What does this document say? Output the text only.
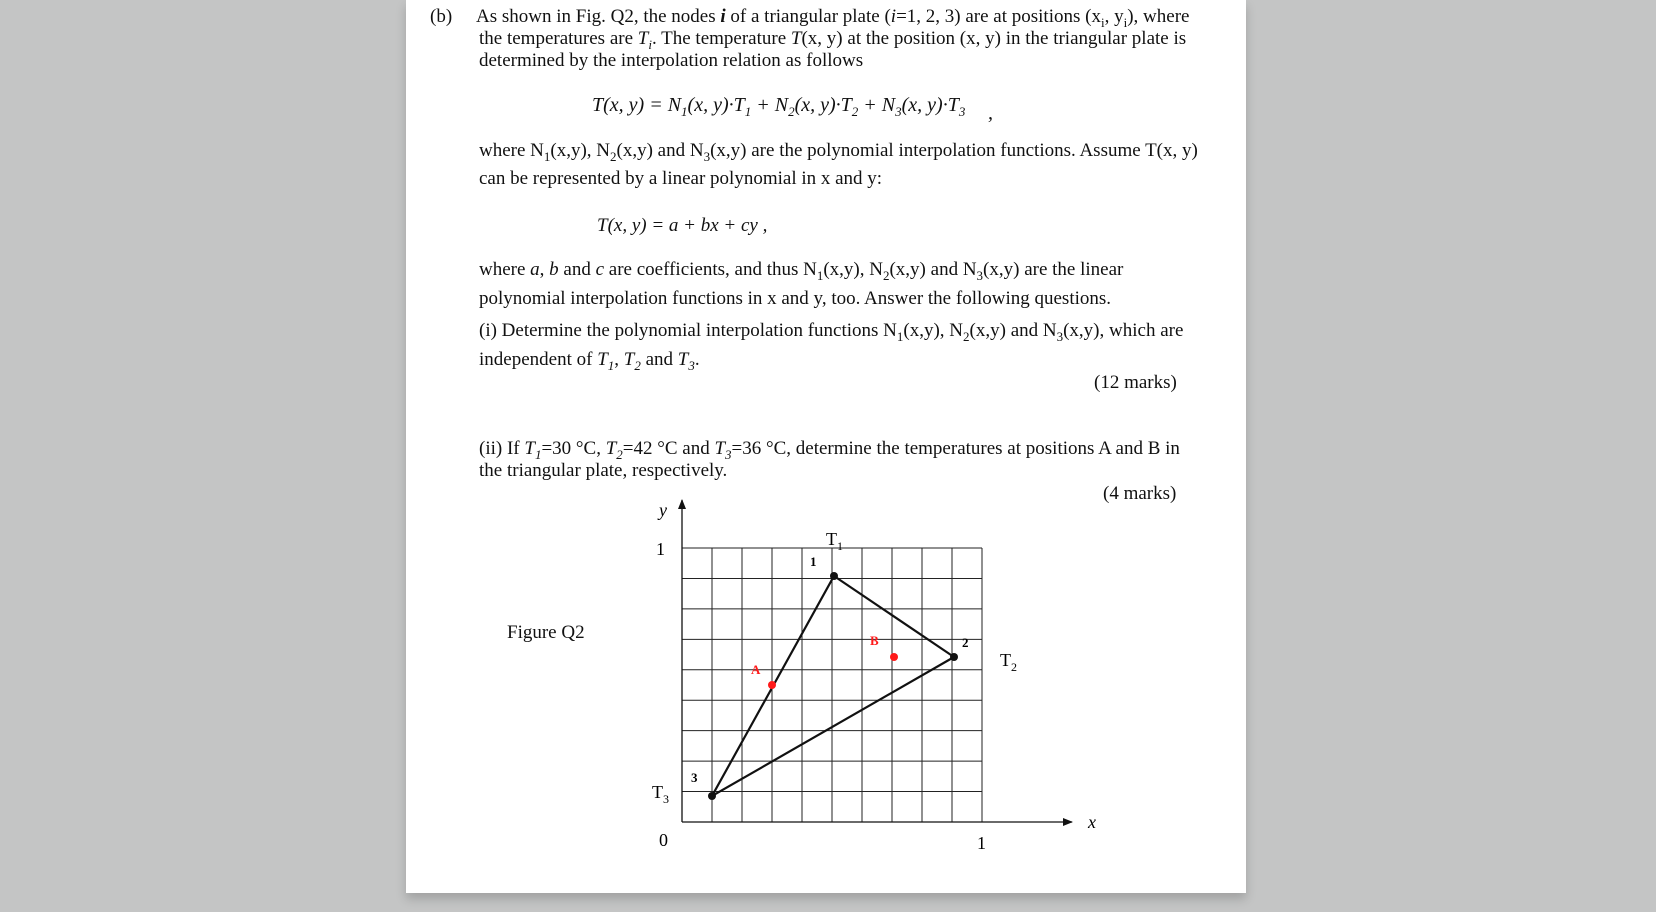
(b) As shown in Fig. Q2, the nodes i of a triangular plate (i=1, 2, 3) are at positions ($x_i$, $y_i$), where
the temperatures are $T_i$. The temperature T(x, y) at the position (x, y) in the triangular plate is
determined by the interpolation relation as follows
T(x, $y) = N_1(x$, $y)\cdot T_1 + N_2(x$, $y)\cdot T_2 + N_3(x$, $y)\cdot T_3$ ,
where $N_1(x,y)$, $N_2(x,y)$ and $N_3(x,y)$ are the polynomial interpolation functions. Assume T(x, y)
can be represented by a linear polynomial in x and y:
T(x, y) = a + bx + cy ,
where a, b and c are coefficients, and thus $N_1(x,y)$, $N_2(x,y)$ and $N_3(x,y)$ are the linear
polynomial interpolation functions in x and y, too. Answer the following questions.
(i) Determine the polynomial interpolation functions $N_1(x,y)$, $N_2(x,y)$ and $N_3(x,y)$, which are
independent of $T_1$, $T_2$ and $T_3$.
(12 marks)
(ii) If $T_1=30$ °C, $T_2=42$ °C and $T_3=36$ °C, determine the temperatures at positions A and B in
the triangular plate, respectively.
(4 marks)
Figure Q2
y
x
1
0	1
$T_1$
$T_2$
$T_3$
1
2
3
A
B
